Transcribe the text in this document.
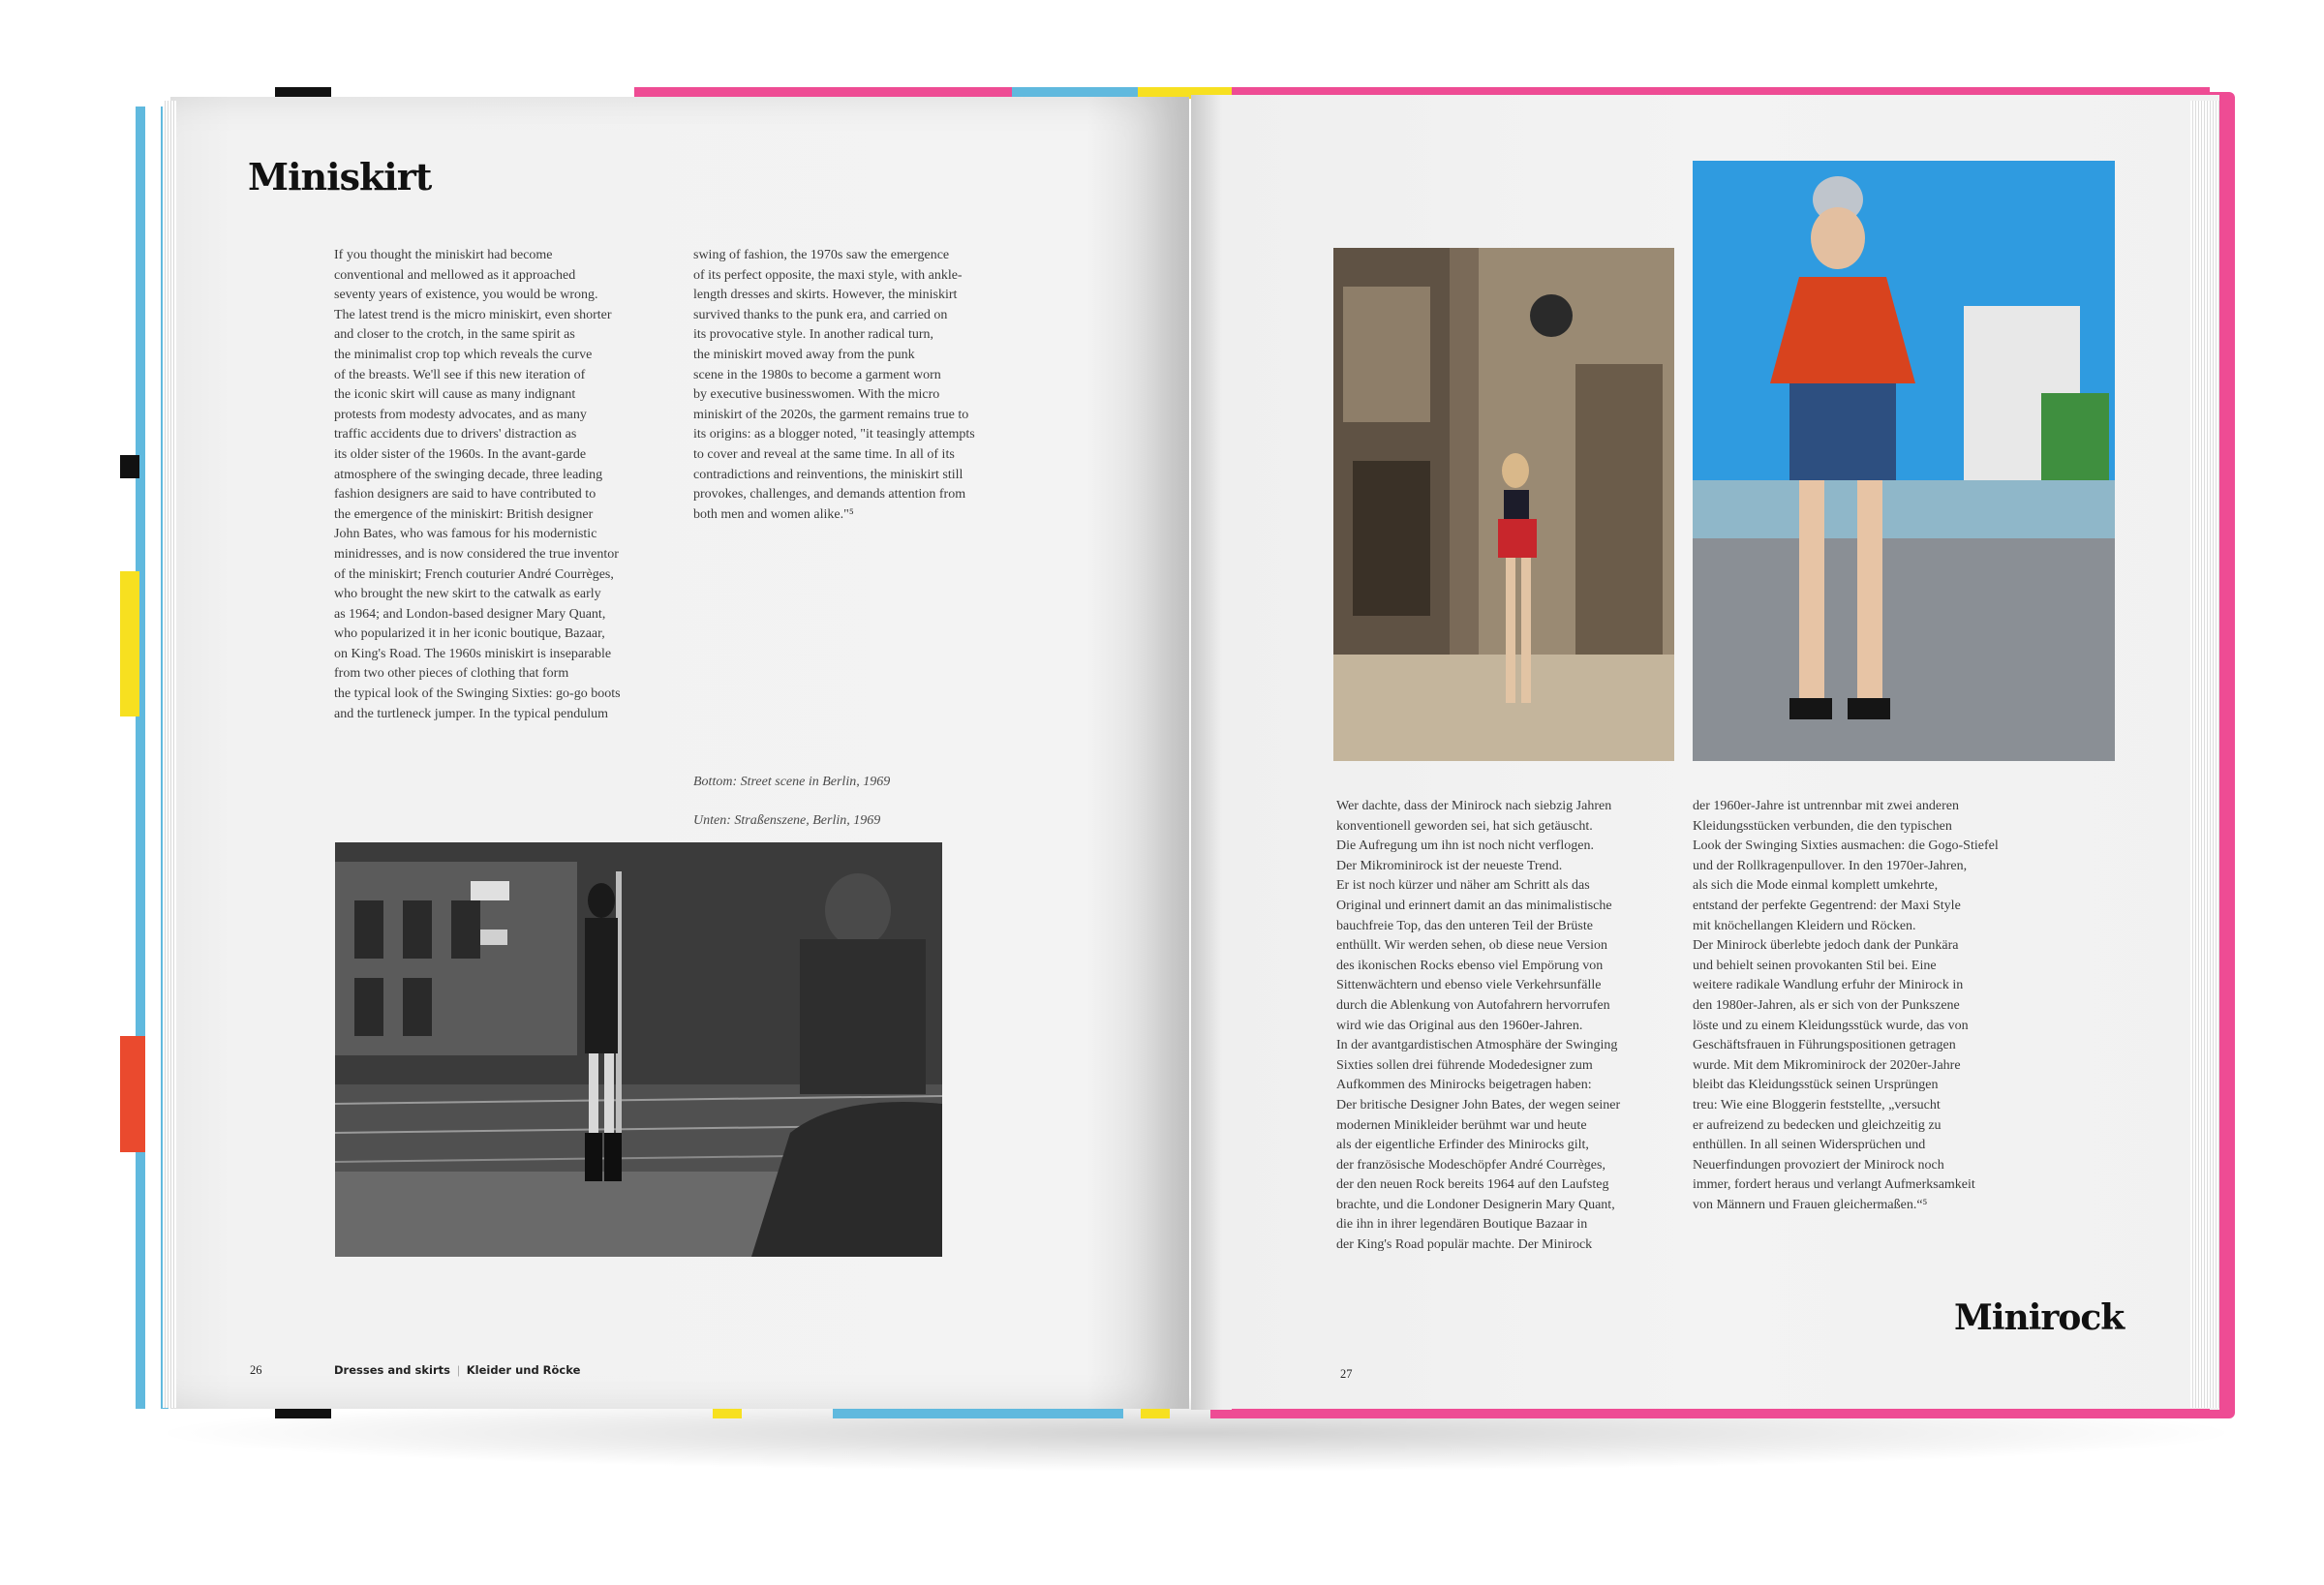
Miniskirt
If you thought the miniskirt had become
conventional and mellowed as it approached
seventy years of existence, you would be wrong.
The latest trend is the micro miniskirt, even shorter
and closer to the crotch, in the same spirit as
the minimalist crop top which reveals the curve
of the breasts. We'll see if this new iteration of
the iconic skirt will cause as many indignant
protests from modesty advocates, and as many
traffic accidents due to drivers' distraction as
its older sister of the 1960s. In the avant-garde
atmosphere of the swinging decade, three leading
fashion designers are said to have contributed to
the emergence of the miniskirt: British designer
John Bates, who was famous for his modernistic
minidresses, and is now considered the true inventor
of the miniskirt; French couturier André Courrèges,
who brought the new skirt to the catwalk as early
as 1964; and London-based designer Mary Quant,
who popularized it in her iconic boutique, Bazaar,
on King's Road. The 1960s miniskirt is inseparable
from two other pieces of clothing that form
the typical look of the Swinging Sixties: go-go boots
and the turtleneck jumper. In the typical pendulum
swing of fashion, the 1970s saw the emergence
of its perfect opposite, the maxi style, with ankle-
length dresses and skirts. However, the miniskirt
survived thanks to the punk era, and carried on
its provocative style. In another radical turn,
the miniskirt moved away from the punk
scene in the 1980s to become a garment worn
by executive businesswomen. With the micro
miniskirt of the 2020s, the garment remains true to
its origins: as a blogger noted, "it teasingly attempts
to cover and reveal at the same time. In all of its
contradictions and reinventions, the miniskirt still
provokes, challenges, and demands attention from
both men and women alike."⁵
Bottom: Street scene in Berlin, 1969
Unten: Straßenszene, Berlin, 1969
26	Dresses and skirts | Kleider und Röcke
Wer dachte, dass der Minirock nach siebzig Jahren
konventionell geworden sei, hat sich getäuscht.
Die Aufregung um ihn ist noch nicht verflogen.
Der Mikrominirock ist der neueste Trend.
Er ist noch kürzer und näher am Schritt als das
Original und erinnert damit an das minimalistische
bauchfreie Top, das den unteren Teil der Brüste
enthüllt. Wir werden sehen, ob diese neue Version
des ikonischen Rocks ebenso viel Empörung von
Sittenwächtern und ebenso viele Verkehrsunfälle
durch die Ablenkung von Autofahrern hervorrufen
wird wie das Original aus den 1960er-Jahren.
In der avantgardistischen Atmosphäre der Swinging
Sixties sollen drei führende Modedesigner zum
Aufkommen des Minirocks beigetragen haben:
Der britische Designer John Bates, der wegen seiner
modernen Minikleider berühmt war und heute
als der eigentliche Erfinder des Minirocks gilt,
der französische Modeschöpfer André Courrèges,
der den neuen Rock bereits 1964 auf den Laufsteg
brachte, und die Londoner Designerin Mary Quant,
die ihn in ihrer legendären Boutique Bazaar in
der King's Road populär machte. Der Minirock
der 1960er-Jahre ist untrennbar mit zwei anderen
Kleidungsstücken verbunden, die den typischen
Look der Swinging Sixties ausmachen: die Gogo-Stiefel
und der Rollkragenpullover. In den 1970er-Jahren,
als sich die Mode einmal komplett umkehrte,
entstand der perfekte Gegentrend: der Maxi Style
mit knöchellangen Kleidern und Röcken.
Der Minirock überlebte jedoch dank der Punkära
und behielt seinen provokanten Stil bei. Eine
weitere radikale Wandlung erfuhr der Minirock in
den 1980er-Jahren, als er sich von der Punkszene
löste und zu einem Kleidungsstück wurde, das von
Geschäftsfrauen in Führungspositionen getragen
wurde. Mit dem Mikrominirock der 2020er-Jahre
bleibt das Kleidungsstück seinen Ursprüngen
treu: Wie eine Bloggerin feststellte, „versucht
er aufreizend zu bedecken und gleichzeitig zu
enthüllen. In all seinen Widersprüchen und
Neuerfindungen provoziert der Minirock noch
immer, fordert heraus und verlangt Aufmerksamkeit
von Männern und Frauen gleichermaßen.“⁵
Minirock
27
